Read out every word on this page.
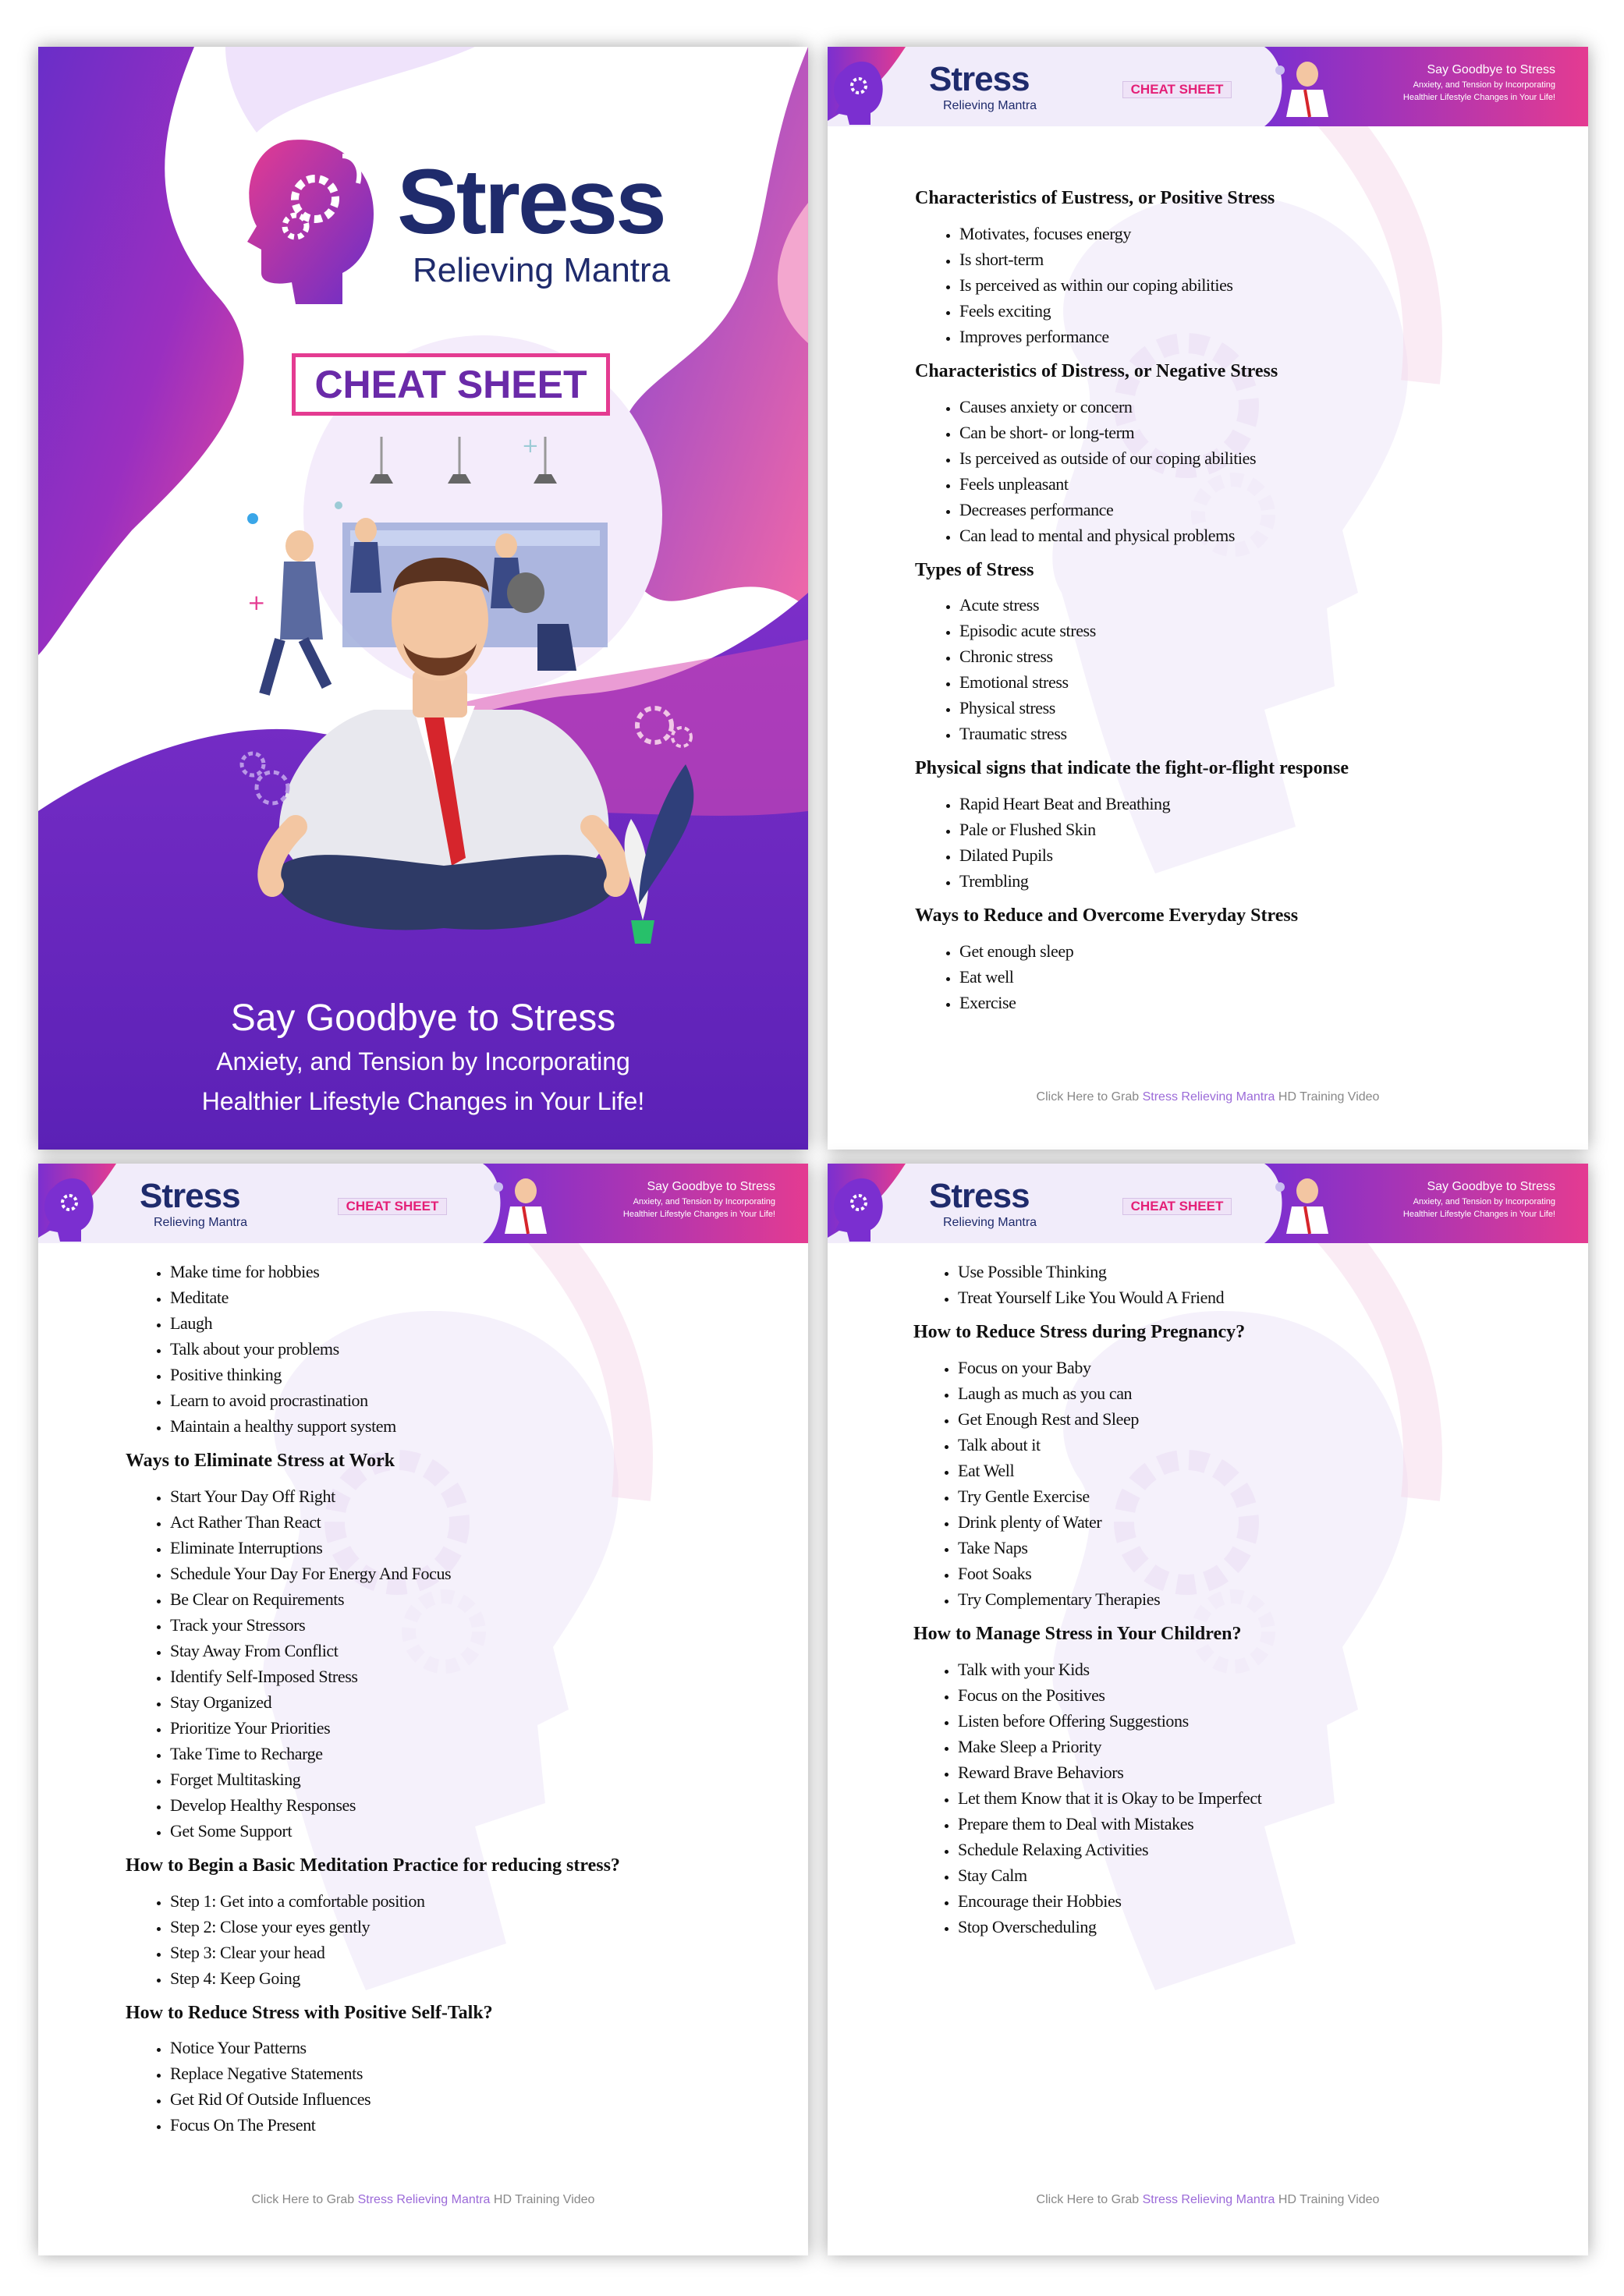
+
+
Stress
Relieving Mantra
CHEAT SHEET
Say Goodbye to Stress
Anxiety, and Tension by Incorporating
Healthier Lifestyle Changes in Your Life!
Stress
Relieving Mantra
CHEAT SHEET
Say Goodbye to Stress
Anxiety, and Tension by Incorporating
Healthier Lifestyle Changes in Your Life!
Characteristics of Eustress, or Positive Stress
• Motivates, focuses energy
• Is short-term
• Is perceived as within our coping abilities
• Feels exciting
• Improves performance
Characteristics of Distress, or Negative Stress
• Causes anxiety or concern
• Can be short- or long-term
• Is perceived as outside of our coping abilities
• Feels unpleasant
• Decreases performance
• Can lead to mental and physical problems
Types of Stress
• Acute stress
• Episodic acute stress
• Chronic stress
• Emotional stress
• Physical stress
• Traumatic stress
Physical signs that indicate the fight-or-flight response
• Rapid Heart Beat and Breathing
• Pale or Flushed Skin
• Dilated Pupils
• Trembling
Ways to Reduce and Overcome Everyday Stress
• Get enough sleep
• Eat well
• Exercise
Click Here to Grab Stress Relieving Mantra HD Training Video
Stress
Relieving Mantra
CHEAT SHEET
Say Goodbye to Stress
Anxiety, and Tension by Incorporating
Healthier Lifestyle Changes in Your Life!
• Make time for hobbies
• Meditate
• Laugh
• Talk about your problems
• Positive thinking
• Learn to avoid procrastination
• Maintain a healthy support system
Ways to Eliminate Stress at Work
• Start Your Day Off Right
• Act Rather Than React
• Eliminate Interruptions
• Schedule Your Day For Energy And Focus
• Be Clear on Requirements
• Track your Stressors
• Stay Away From Conflict
• Identify Self-Imposed Stress
• Stay Organized
• Prioritize Your Priorities
• Take Time to Recharge
• Forget Multitasking
• Develop Healthy Responses
• Get Some Support
How to Begin a Basic Meditation Practice for reducing stress?
• Step 1: Get into a comfortable position
• Step 2: Close your eyes gently
• Step 3: Clear your head
• Step 4: Keep Going
How to Reduce Stress with Positive Self-Talk?
• Notice Your Patterns
• Replace Negative Statements
• Get Rid Of Outside Influences
• Focus On The Present
Click Here to Grab Stress Relieving Mantra HD Training Video
Stress
Relieving Mantra
CHEAT SHEET
Say Goodbye to Stress
Anxiety, and Tension by Incorporating
Healthier Lifestyle Changes in Your Life!
• Use Possible Thinking
• Treat Yourself Like You Would A Friend
How to Reduce Stress during Pregnancy?
• Focus on your Baby
• Laugh as much as you can
• Get Enough Rest and Sleep
• Talk about it
• Eat Well
• Try Gentle Exercise
• Drink plenty of Water
• Take Naps
• Foot Soaks
• Try Complementary Therapies
How to Manage Stress in Your Children?
• Talk with your Kids
• Focus on the Positives
• Listen before Offering Suggestions
• Make Sleep a Priority
• Reward Brave Behaviors
• Let them Know that it is Okay to be Imperfect
• Prepare them to Deal with Mistakes
• Schedule Relaxing Activities
• Stay Calm
• Encourage their Hobbies
• Stop Overscheduling
Click Here to Grab Stress Relieving Mantra HD Training Video
